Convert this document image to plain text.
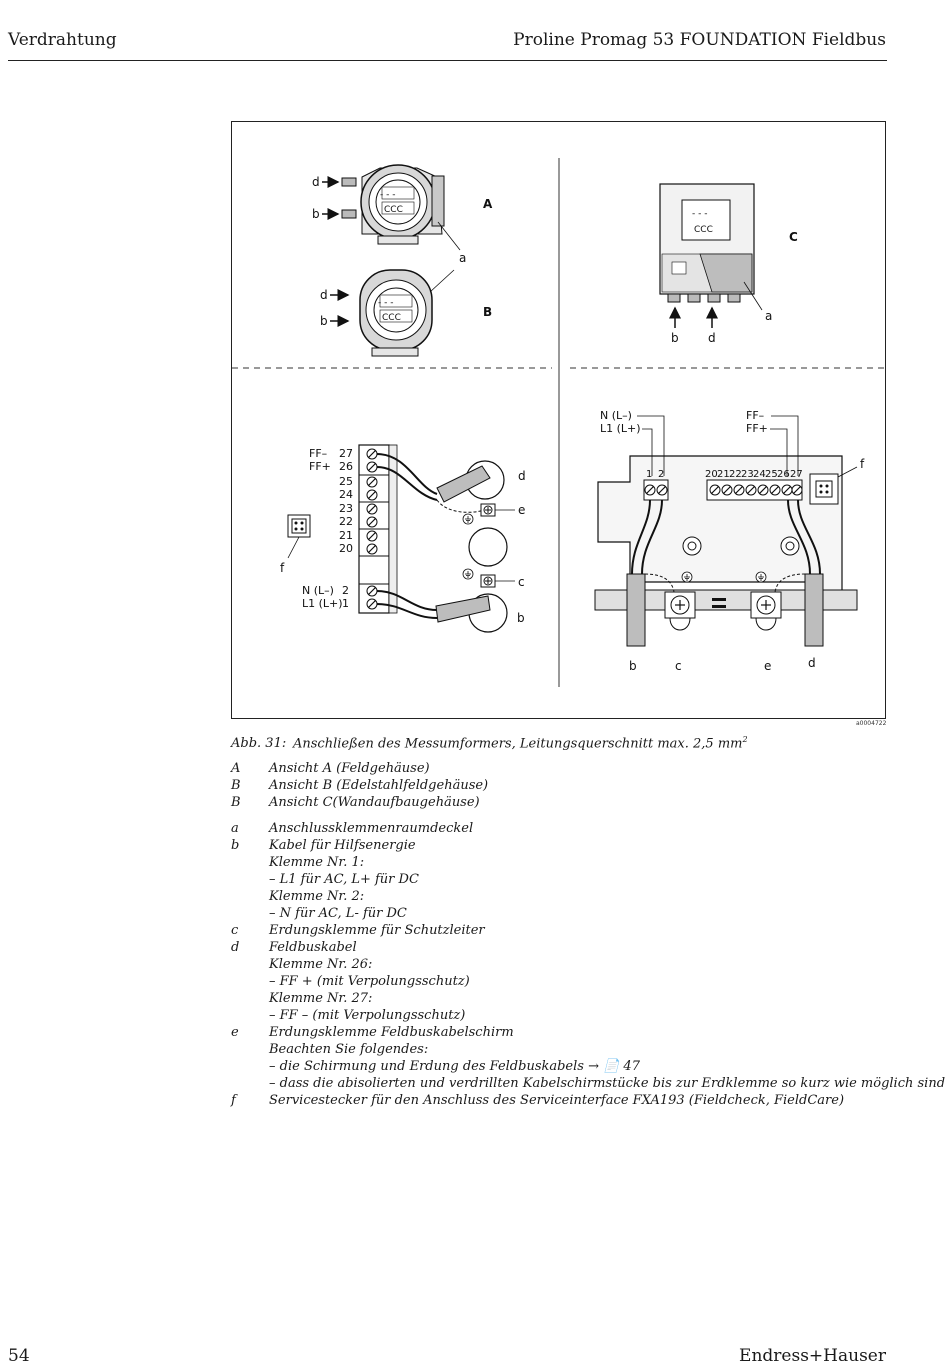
Verdrahtung	Proline Promag 53 FOUNDATION Fieldbus
- - -
CCC
d
b
A
a
- - -
CCC
d
b
B
- - -
CCC	C
b d
a
FF–
FF+
27
26
25
24
23
22
21
20
N (L–) 2
L1 (L+) 1
d
e
c
b
f
N (L–)
L1 (L+)
FF–
FF+
1 2	20 21 22 23 24 25 26 27
f
b	c	e	d
a0004722
Abb. 31: Anschließen des Messumformers, Leitungsquerschnitt max. 2,5 $mm^2$
A	Ansicht A (Feldgehäuse)
B	Ansicht B (Edelstahlfeldgehäuse)
B	Ansicht C(Wandaufbaugehäuse)
a	Anschlussklemmenraumdeckel
b	Kabel für Hilfsenergie
Klemme Nr. 1:
– L1 für AC, L+ für DC
Klemme Nr. 2:
– N für AC, L- für DC
c	Erdungsklemme für Schutzleiter
d	Feldbuskabel
Klemme Nr. 26:
– FF + (mit Verpolungsschutz)
Klemme Nr. 27:
– FF – (mit Verpolungsschutz)
e	Erdungsklemme Feldbuskabelschirm
Beachten Sie folgendes:
– die Schirmung und Erdung des Feldbuskabels → 📄 47
– dass die abisolierten und verdrillten Kabelschirmstücke bis zur Erdklemme so kurz wie möglich sind
f	Servicestecker für den Anschluss des Serviceinterface FXA193 (Fieldcheck, FieldCare)
54	Endress+Hauser
